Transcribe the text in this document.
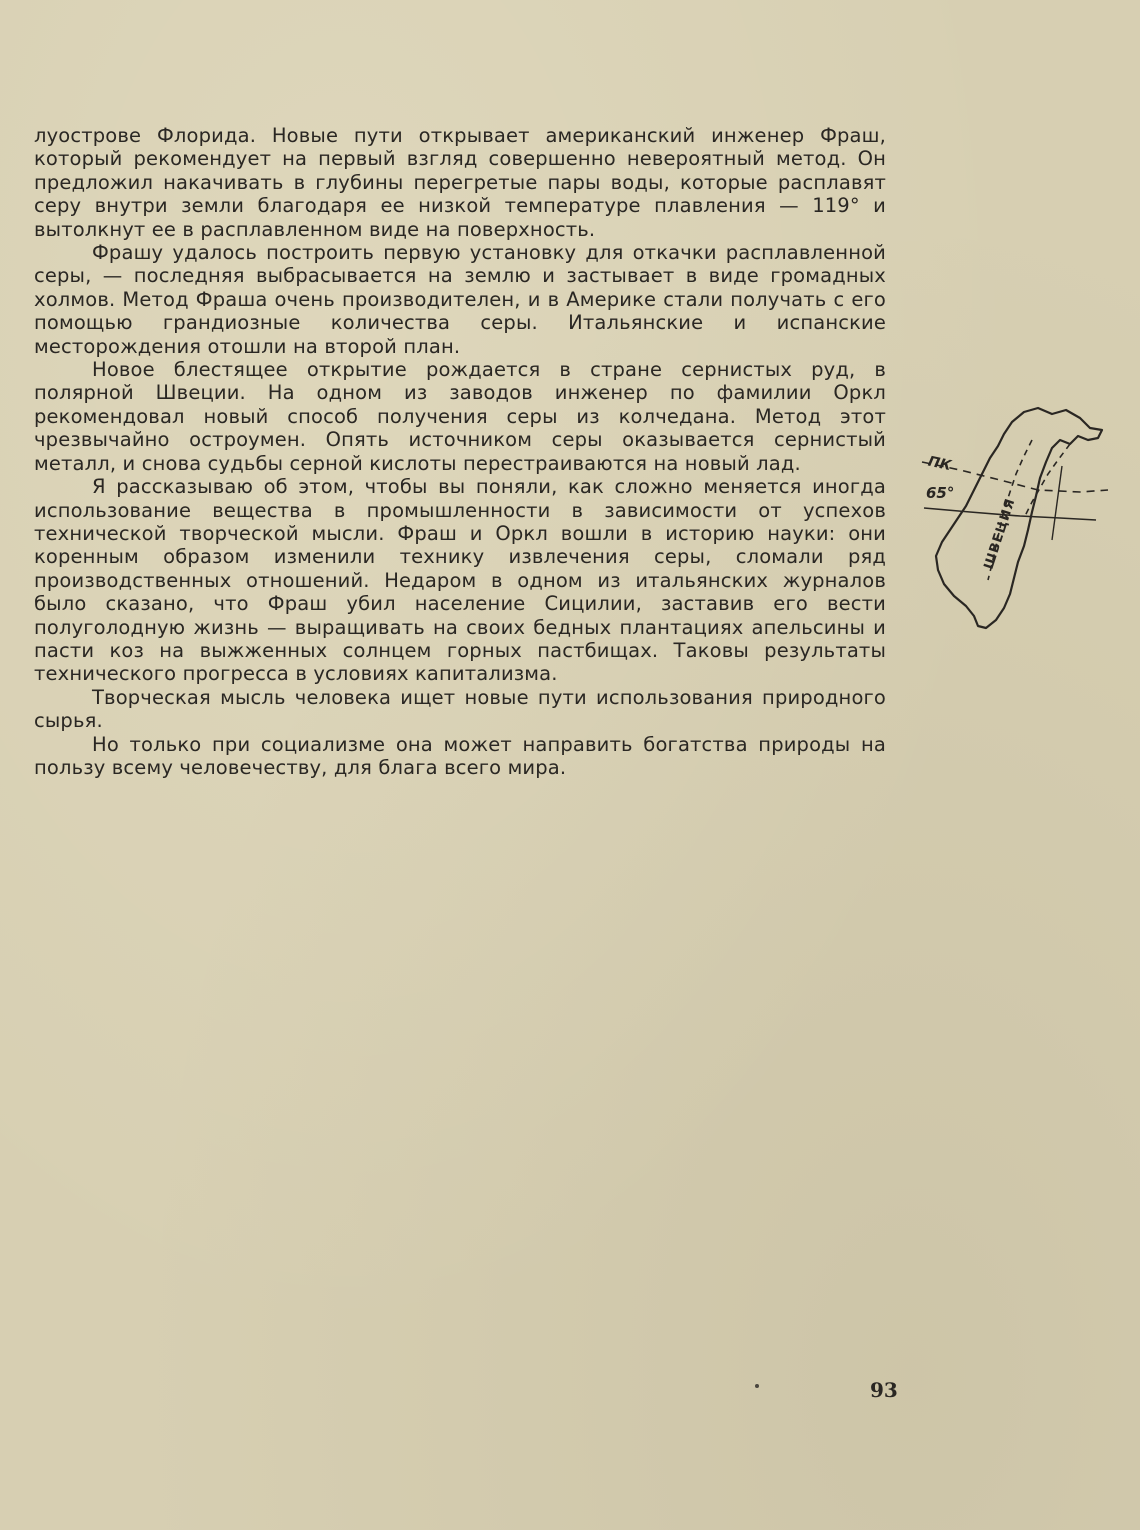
луострове Флорида. Новые пути открывает американский инженер Фраш, который рекомендует на первый взгляд совершенно невероятный метод. Он предложил накачивать в глубины перегретые пары воды, которые расплавят серу внутри земли благодаря ее низкой температуре плавления — 119° и вытолкнут ее в расплавленном виде на поверхность.

Фрашу удалось построить первую установку для откачки расплавленной серы, — последняя выбрасывается на землю и застывает в виде громадных холмов. Метод Фраша очень производителен, и в Америке стали получать с его помощью грандиозные количества серы. Итальянские и испанские месторождения отошли на второй план.

Новое блестящее открытие рождается в стране сернистых руд, в полярной Швеции. На одном из заводов инженер по фамилии Оркл рекомендовал новый способ получения серы из колчедана. Метод этот чрезвычайно остроумен. Опять источником серы оказывается сернистый металл, и снова судьбы серной кислоты перестраиваются на новый лад.

Я рассказываю об этом, чтобы вы поняли, как сложно меняется иногда использование вещества в промышленности в зависимости от успехов технической творческой мысли. Фраш и Оркл вошли в историю науки: они коренным образом изменили технику извлечения серы, сломали ряд производственных отношений. Недаром в одном из итальянских журналов было сказано, что Фраш убил население Сицилии, заставив его вести полуголодную жизнь — выращивать на своих бедных плантациях апельсины и пасти коз на выжженных солнцем горных пастбищах. Таковы результаты технического прогресса в условиях капитализма.

Творческая мысль человека ищет новые пути использования природного сырья.

Но только при социализме она может направить богатства природы на пользу всему человечеству, для блага всего мира.

ПК
65°
ШВЕЦИЯ
93
